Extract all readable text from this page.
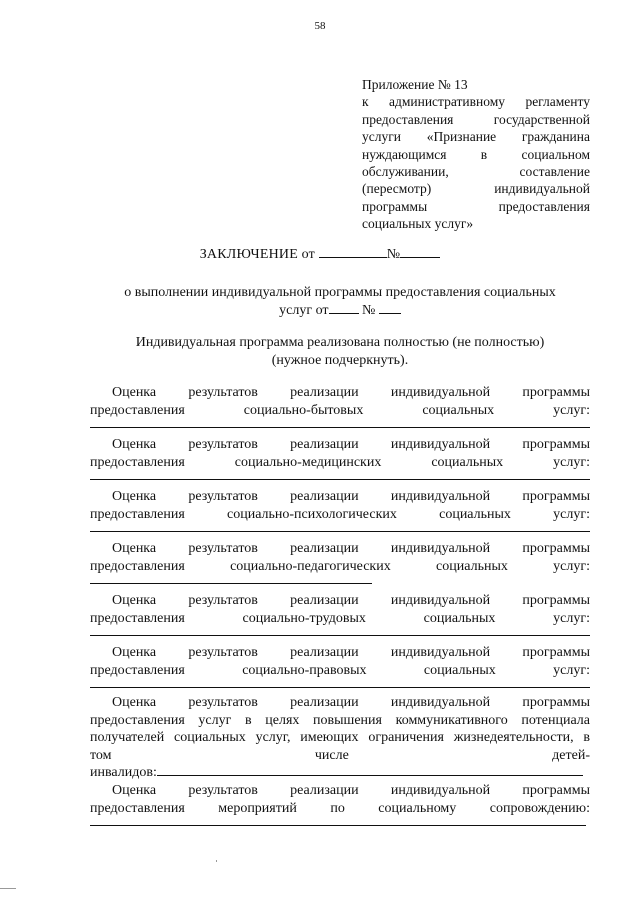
58
Приложение № 13
к административному регламенту
предоставления государственной
услуги «Признание гражданина
нуждающимся в социальном
обслуживании, составление
(пересмотр) индивидуальной
программы предоставления
социальных услуг»
ЗАКЛЮЧЕНИЕ от	№
о выполнении индивидуальной программы предоставления социальных
услуг от №
Индивидуальная программа реализована полностью (не полностью)
(нужное подчеркнуть).
Оценка результатов реализации индивидуальной программы
предоставления социально-бытовых социальных услуг:
Оценка результатов реализации индивидуальной программы
предоставления социально-медицинских социальных услуг:
Оценка результатов реализации индивидуальной программы
предоставления социально-психологических социальных услуг:
Оценка результатов реализации индивидуальной программы
предоставления социально-педагогических социальных услуг:
Оценка результатов реализации индивидуальной программы
предоставления социально-трудовых социальных услуг:
Оценка результатов реализации индивидуальной программы
предоставления социально-правовых социальных услуг:
Оценка результатов реализации индивидуальной программы
предоставления услуг в целях повышения коммуникативного потенциала
получателей социальных услуг, имеющих ограничения жизнедеятельности, в
том числе детей-
инвалидов:
Оценка результатов реализации индивидуальной программы
предоставления мероприятий по социальному сопровождению:
